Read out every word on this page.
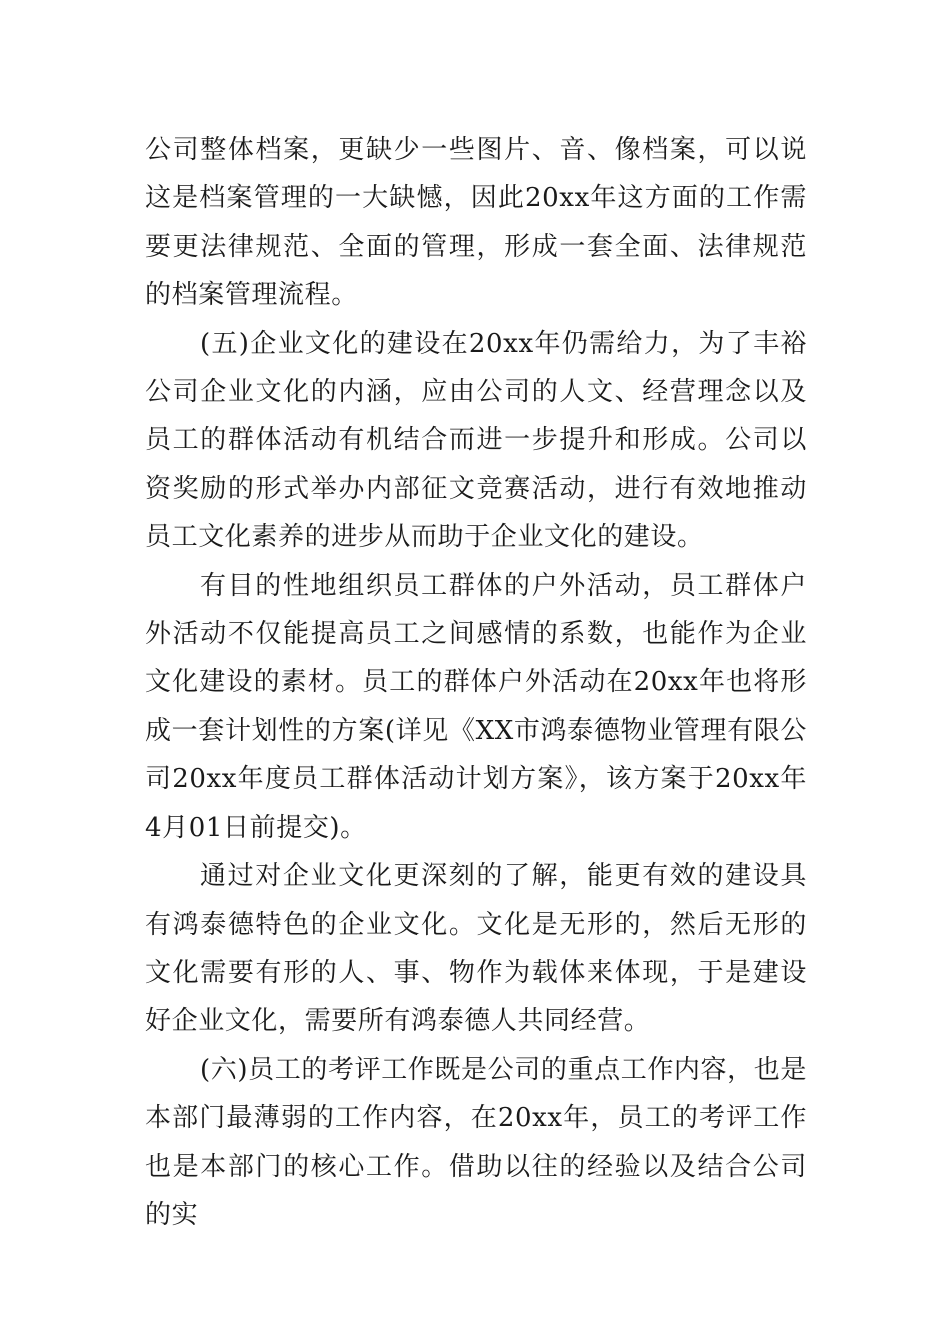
公司整体档案，更缺少一些图片、音、像档案，可以说这是档案管理的一大缺憾，因此20xx年这方面的工作需要更法律规范、全面的管理，形成一套全面、法律规范的档案管理流程。

(五)企业文化的建设在20xx年仍需给力，为了丰裕公司企业文化的内涵，应由公司的人文、经营理念以及员工的群体活动有机结合而进一步提升和形成。公司以资奖励的形式举办内部征文竞赛活动，进行有效地推动员工文化素养的进步从而助于企业文化的建设。

有目的性地组织员工群体的户外活动，员工群体户外活动不仅能提高员工之间感情的系数，也能作为企业文化建设的素材。员工的群体户外活动在20xx年也将形成一套计划性的方案(详见《XX市鸿泰德物业管理有限公司20xx年度员工群体活动计划方案》，该方案于20xx年4月01日前提交)。

通过对企业文化更深刻的了解，能更有效的建设具有鸿泰德特色的企业文化。文化是无形的，然后无形的文化需要有形的人、事、物作为载体来体现，于是建设好企业文化，需要所有鸿泰德人共同经营。

(六)员工的考评工作既是公司的重点工作内容，也是本部门最薄弱的工作内容，在20xx年，员工的考评工作也是本部门的核心工作。借助以往的经验以及结合公司的实
